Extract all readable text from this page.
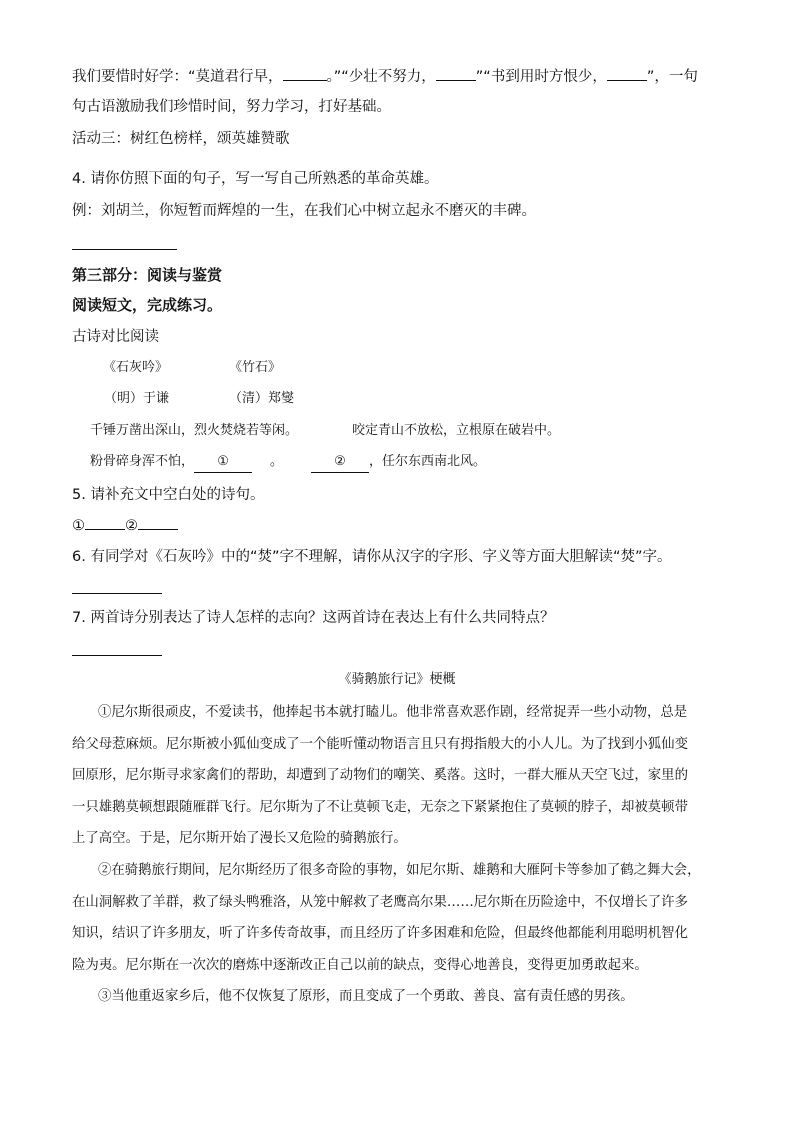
我们要惜时好学：“莫道君行早，	。”“少壮不努力，	”“书到用时方恨少，	”，一句
句古语激励我们珍惜时间，努力学习，打好基础。
活动三：树红色榜样，颂英雄赞歌
4. 请你仿照下面的句子，写一写自己所熟悉的革命英雄。
例：刘胡兰，你短暂而辉煌的一生，在我们心中树立起永不磨灭的丰碑。
第三部分：阅读与鉴赏
阅读短文，完成练习。
古诗对比阅读
《石灰吟》	《竹石》
（明）于谦	（清）郑燮
千锤万凿出深山，烈火焚烧若等闲。	咬定青山不放松，立根原在破岩中。
粉骨碎身浑不怕， ①	。	② ，任尔东西南北风。
5. 请补充文中空白处的诗句。
①	②
6. 有同学对《石灰吟》中的“焚”字不理解，请你从汉字的字形、字义等方面大胆解读“焚”字。
7. 两首诗分别表达了诗人怎样的志向？这两首诗在表达上有什么共同特点？
《骑鹅旅行记》梗概
①尼尔斯很顽皮，不爱读书，他捧起书本就打瞌儿。他非常喜欢恶作剧，经常捉弄一些小动物，总是
给父母惹麻烦。尼尔斯被小狐仙变成了一个能听懂动物语言且只有拇指般大的小人儿。为了找到小狐仙变
回原形，尼尔斯寻求家禽们的帮助，却遭到了动物们的嘲笑、奚落。这时，一群大雁从天空飞过，家里的
一只雄鹅莫顿想跟随雁群飞行。尼尔斯为了不让莫顿飞走，无奈之下紧紧抱住了莫顿的脖子，却被莫顿带
上了高空。于是，尼尔斯开始了漫长又危险的骑鹅旅行。
②在骑鹅旅行期间，尼尔斯经历了很多奇险的事物，如尼尔斯、雄鹅和大雁阿卡等参加了鹤之舞大会，
在山洞解救了羊群，救了绿头鸭雅洛，从笼中解救了老鹰高尔果……尼尔斯在历险途中，不仅增长了许多
知识，结识了许多朋友，听了许多传奇故事，而且经历了许多困难和危险，但最终他都能利用聪明机智化
险为夷。尼尔斯在一次次的磨炼中逐渐改正自己以前的缺点，变得心地善良，变得更加勇敢起来。
③当他重返家乡后，他不仅恢复了原形，而且变成了一个勇敢、善良、富有责任感的男孩。
